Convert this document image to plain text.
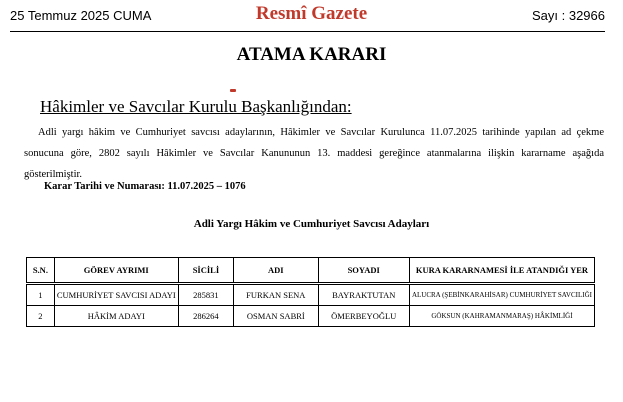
25 Temmuz 2025 CUMA	Resmî Gazete	Sayı : 32966
ATAMA KARARI
Hâkimler ve Savcılar Kurulu Başkanlığından:

Adli yargı hâkim ve Cumhuriyet savcısı adaylarının, Hâkimler ve Savcılar Kurulunca 11.07.2025 tarihinde yapılan ad çekme sonucuna göre, 2802 sayılı Hâkimler ve Savcılar Kanununun 13. maddesi gereğince atanmalarına ilişkin kararname aşağıda gösterilmiştir.

Karar Tarihi ve Numarası: 11.07.2025 – 1076
Adli Yargı Hâkim ve Cumhuriyet Savcısı Adayları
S.N.	GÖREV AYRIMI	SİCİLİ	ADI	SOYADI	KURA KARARNAMESİ İLE ATANDIĞI YER
1	CUMHURİYET SAVCISI ADAYI	285831	FURKAN SENA	BAYRAKTUTAN	ALUCRA (ŞEBİNKARAHİSAR) CUMHURİYET SAVCILIĞI
2	HÂKİM ADAYI	286264	OSMAN SABRİ	ÖMERBEYOĞLU	GÖKSUN (KAHRAMANMARAŞ) HÂKİMLİĞİ
